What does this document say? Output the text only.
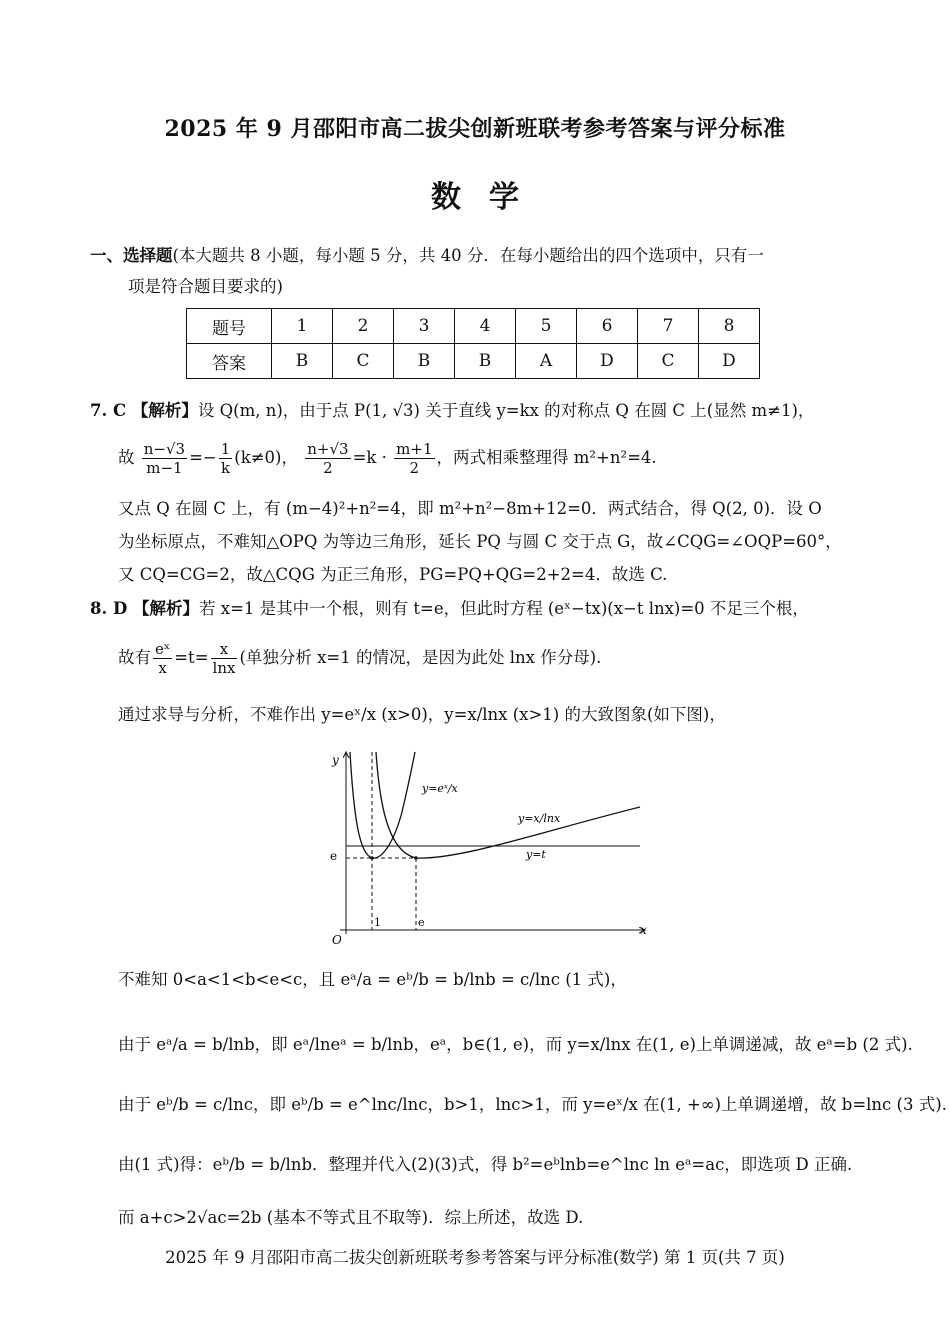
2025 年 9 月邵阳市高二拔尖创新班联考参考答案与评分标准
数学
一、选择题(本大题共 8 小题，每小题 5 分，共 40 分．在每小题给出的四个选项中，只有一
项是符合题目要求的)
题号	1	2	3	4	5	6	7	8
答案	B	C	B	B	A	D	C	D
7. C 【解析】设 Q(m, n)，由于点 P(1, √3) 关于直线 y=kx 的对称点 Q 在圆 C 上(显然 m≠1)，
故 $\frac{n-√3}{m-1} =- \frac{1}{k} (k\ne 0)$， $\frac{n+√3}{2} =k \cdot \frac{m+1}{2}$ ，两式相乘整理得 m²+n²=4.
又点 Q 在圆 C 上，有 (m−4)²+n²=4，即 m²+n²−8m+12=0．两式结合，得 Q(2, 0)．设 O
为坐标原点，不难知△OPQ 为等边三角形，延长 PQ 与圆 C 交于点 G，故∠CQG=∠OQP=60°，
又 CQ=CG=2，故△CQG 为正三角形，PG=PQ+QG=2+2=4．故选 C.
8. D 【解析】若 x=1 是其中一个根，则有 t=e，但此时方程 (eˣ−tx)(x−t lnx)=0 不足三个根，
故有 $\frac{\text{eˣ}}{x} =t= \frac{x}{\ln x}$ (单独分析 x=1 的情况，是因为此处 lnx 作分母).
通过求导与分析，不难作出 y=eˣ/x (x>0)，y=x/lnx (x>1) 的大致图象(如下图)，
y
x
O
e
1	e
y=t
y=eˣ/x
y=x/lnx
不难知 0<a<1<b<e<c，且 eᵃ/a = eᵇ/b = b/lnb = c/lnc (1 式)，
由于 eᵃ/a = b/lnb，即 eᵃ/lneᵃ = b/lnb，eᵃ，b∈(1, e)，而 y=x/lnx 在(1, e)上单调递减，故 eᵃ=b (2 式).
由于 eᵇ/b = c/lnc，即 eᵇ/b = e^lnc/lnc，b>1，lnc>1，而 y=eˣ/x 在(1, +∞)上单调递增，故 b=lnc (3 式).
由(1 式)得：eᵇ/b = b/lnb．整理并代入(2)(3)式，得 b²=eᵇlnb=e^lnc ln eᵃ=ac，即选项 D 正确.
而 a+c>2√ac=2b (基本不等式且不取等)．综上所述，故选 D.
2025 年 9 月邵阳市高二拔尖创新班联考参考答案与评分标准(数学) 第 1 页(共 7 页)
